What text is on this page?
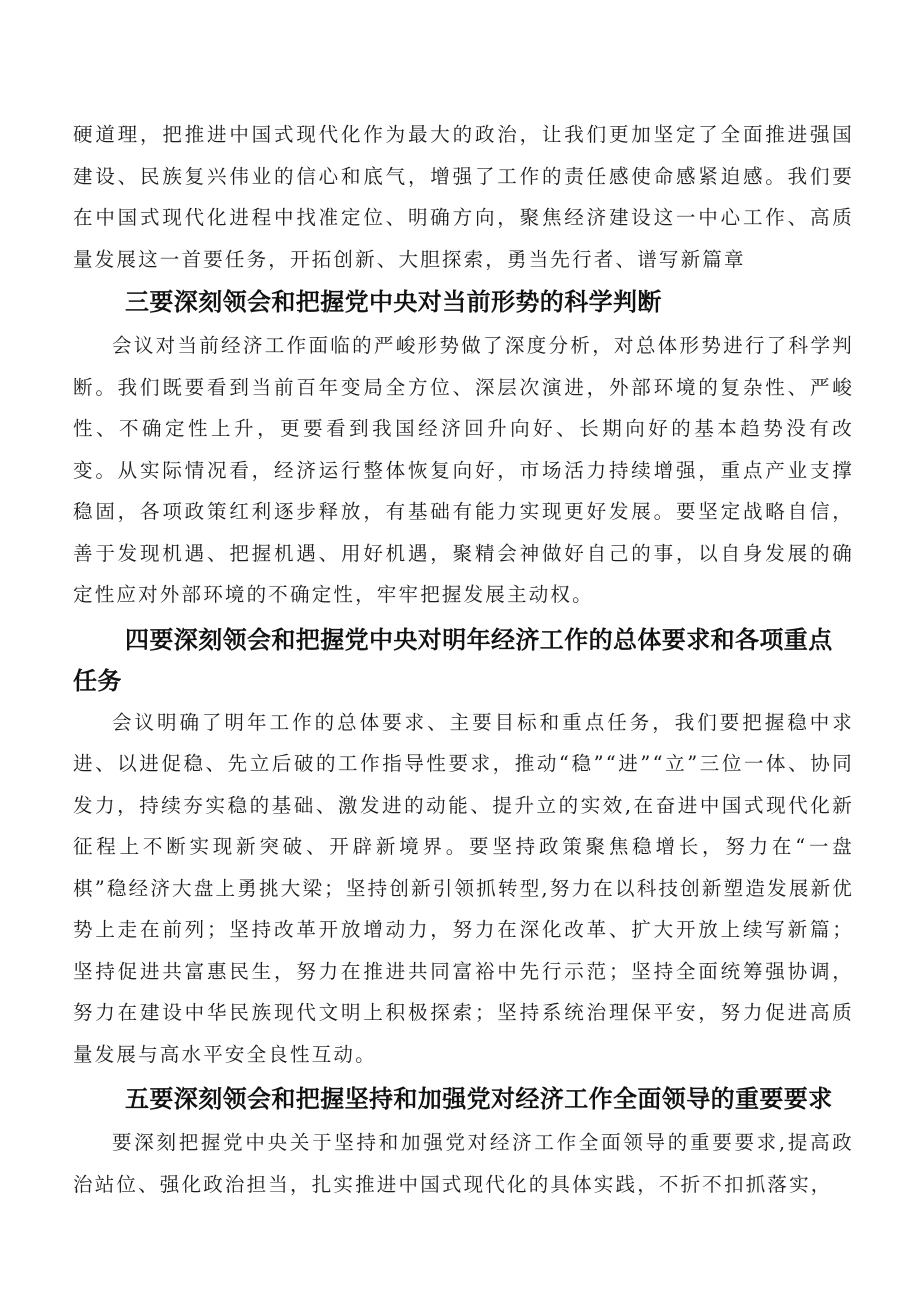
硬道理，把推进中国式现代化作为最大的政治，让我们更加坚定了全面推进强国建设、民族复兴伟业的信心和底气，增强了工作的责任感使命感紧迫感。我们要在中国式现代化进程中找准定位、明确方向，聚焦经济建设这一中心工作、高质量发展这一首要任务，开拓创新、大胆探索，勇当先行者、谱写新篇章

三要深刻领会和把握党中央对当前形势的科学判断

会议对当前经济工作面临的严峻形势做了深度分析，对总体形势进行了科学判断。我们既要看到当前百年变局全方位、深层次演进，外部环境的复杂性、严峻性、不确定性上升，更要看到我国经济回升向好、长期向好的基本趋势没有改变。从实际情况看，经济运行整体恢复向好，市场活力持续增强，重点产业支撑稳固，各项政策红利逐步释放，有基础有能力实现更好发展。要坚定战略自信，善于发现机遇、把握机遇、用好机遇，聚精会神做好自己的事，以自身发展的确定性应对外部环境的不确定性，牢牢把握发展主动权。

四要深刻领会和把握党中央对明年经济工作的总体要求和各项重点
任务

会议明确了明年工作的总体要求、主要目标和重点任务，我们要把握稳中求进、以进促稳、先立后破的工作指导性要求，推动“稳”“进”“立”三位一体、协同发力，持续夯实稳的基础、激发进的动能、提升立的实效,在奋进中国式现代化新征程上不断实现新突破、开辟新境界。要坚持政策聚焦稳增长，努力在“一盘棋”稳经济大盘上勇挑大梁；坚持创新引领抓转型,努力在以科技创新塑造发展新优势上走在前列；坚持改革开放增动力，努力在深化改革、扩大开放上续写新篇；坚持促进共富惠民生，努力在推进共同富裕中先行示范；坚持全面统筹强协调，努力在建设中华民族现代文明上积极探索；坚持系统治理保平安，努力促进高质量发展与高水平安全良性互动。

五要深刻领会和把握坚持和加强党对经济工作全面领导的重要要求

要深刻把握党中央关于坚持和加强党对经济工作全面领导的重要要求,提高政治站位、强化政治担当，扎实推进中国式现代化的具体实践，不折不扣抓落实，
